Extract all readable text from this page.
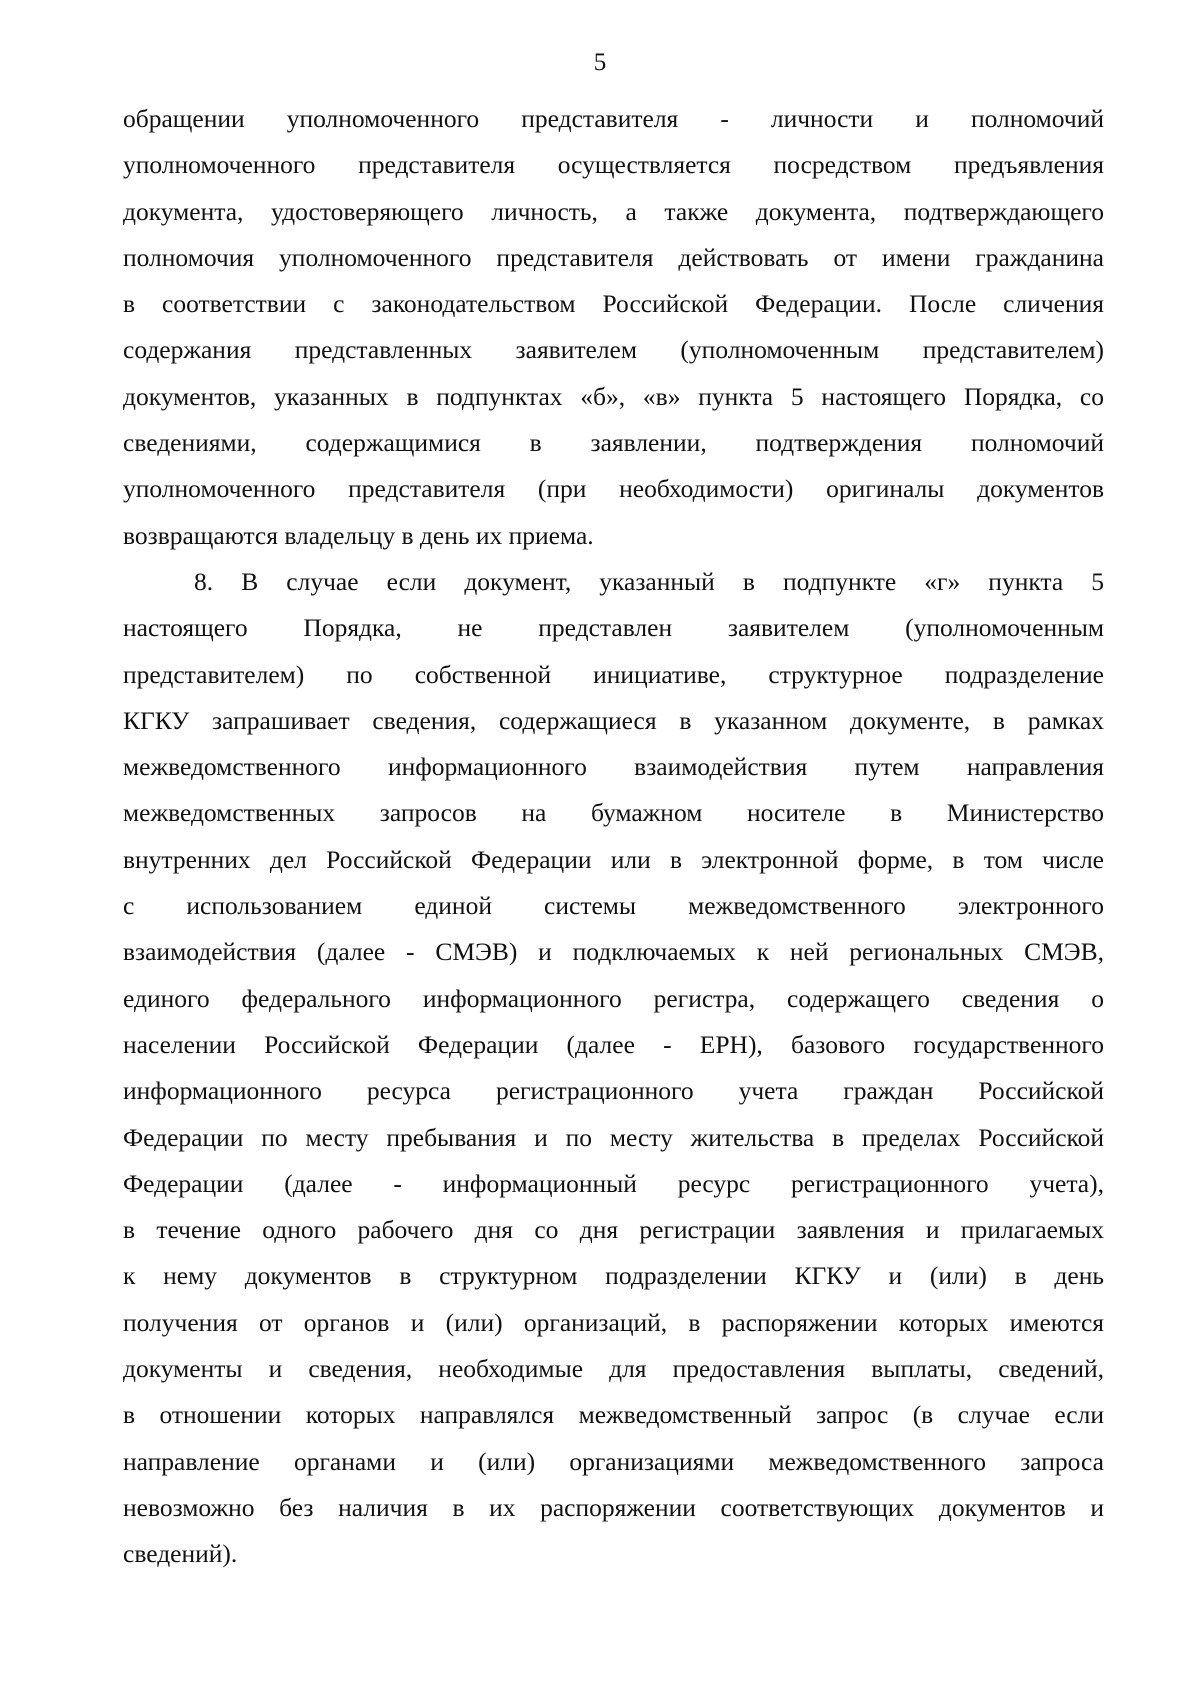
5
обращении уполномоченного представителя - личности и полномочий
уполномоченного представителя осуществляется посредством предъявления
документа, удостоверяющего личность, а также документа, подтверждающего
полномочия уполномоченного представителя действовать от имени гражданина
в соответствии с законодательством Российской Федерации. После сличения
содержания представленных заявителем (уполномоченным представителем)
документов, указанных в подпунктах «б», «в» пункта 5 настоящего Порядка, со
сведениями, содержащимися в заявлении, подтверждения полномочий
уполномоченного представителя (при необходимости) оригиналы документов
возвращаются владельцу в день их приема.
8. В случае если документ, указанный в подпункте «г» пункта 5
настоящего Порядка, не представлен заявителем (уполномоченным
представителем) по собственной инициативе, структурное подразделение
КГКУ запрашивает сведения, содержащиеся в указанном документе, в рамках
межведомственного информационного взаимодействия путем направления
межведомственных запросов на бумажном носителе в Министерство
внутренних дел Российской Федерации или в электронной форме, в том числе
с использованием единой системы межведомственного электронного
взаимодействия (далее - СМЭВ) и подключаемых к ней региональных СМЭВ,
единого федерального информационного регистра, содержащего сведения о
населении Российской Федерации (далее - ЕРН), базового государственного
информационного ресурса регистрационного учета граждан Российской
Федерации по месту пребывания и по месту жительства в пределах Российской
Федерации (далее - информационный ресурс регистрационного учета),
в течение одного рабочего дня со дня регистрации заявления и прилагаемых
к нему документов в структурном подразделении КГКУ и (или) в день
получения от органов и (или) организаций, в распоряжении которых имеются
документы и сведения, необходимые для предоставления выплаты, сведений,
в отношении которых направлялся межведомственный запрос (в случае если
направление органами и (или) организациями межведомственного запроса
невозможно без наличия в их распоряжении соответствующих документов и
сведений).
